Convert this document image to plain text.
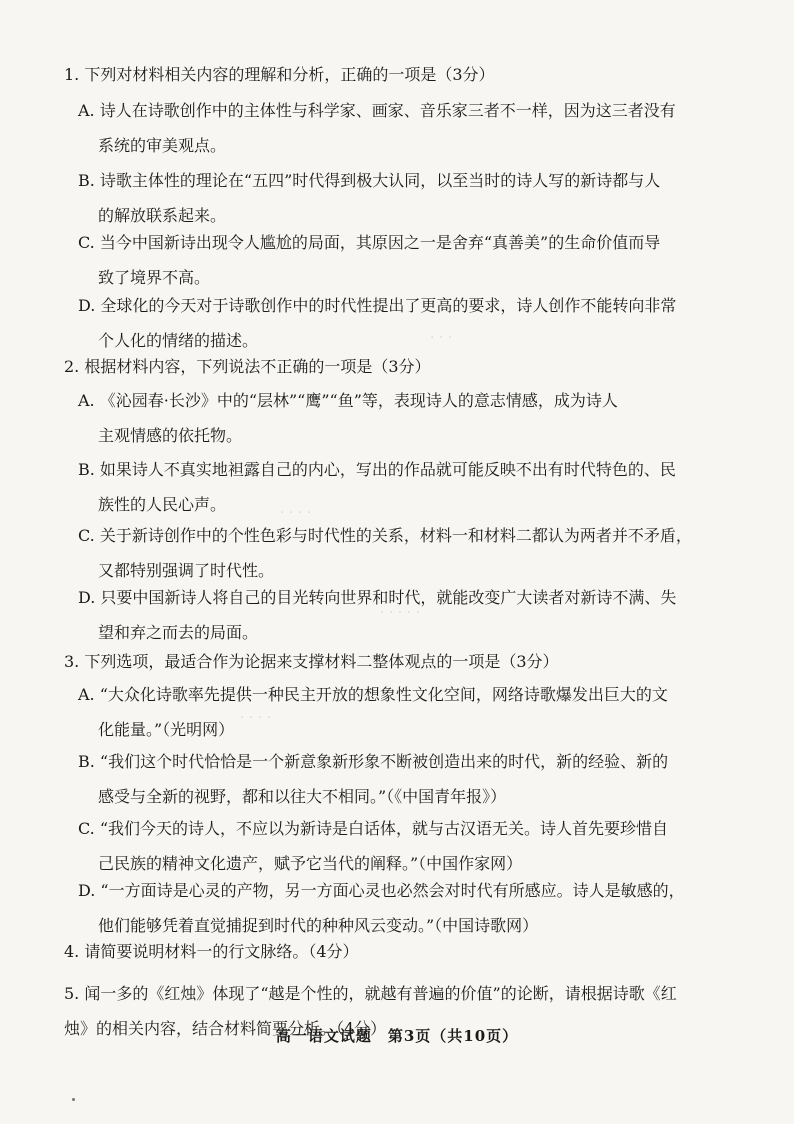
· · ·
· · · ·
· · · · ·
· · · ·
1. 下列对材料相关内容的理解和分析，正确的一项是（3分）
A. 诗人在诗歌创作中的主体性与科学家、画家、音乐家三者不一样，因为这三者没有
系统的审美观点。
B. 诗歌主体性的理论在“五四”时代得到极大认同，以至当时的诗人写的新诗都与人
的解放联系起来。
C. 当今中国新诗出现令人尴尬的局面，其原因之一是舍弃“真善美”的生命价值而导
致了境界不高。
D. 全球化的今天对于诗歌创作中的时代性提出了更高的要求，诗人创作不能转向非常
个人化的情绪的描述。
2. 根据材料内容，下列说法不正确的一项是（3分）
A. 《沁园春·长沙》中的“层林”“鹰”“鱼”等，表现诗人的意志情感，成为诗人
主观情感的依托物。
B. 如果诗人不真实地袒露自己的内心，写出的作品就可能反映不出有时代特色的、民
族性的人民心声。
C. 关于新诗创作中的个性色彩与时代性的关系，材料一和材料二都认为两者并不矛盾，
又都特别强调了时代性。
D. 只要中国新诗人将自己的目光转向世界和时代，就能改变广大读者对新诗不满、失
望和弃之而去的局面。
3. 下列选项，最适合作为论据来支撑材料二整体观点的一项是（3分）
A. “大众化诗歌率先提供一种民主开放的想象性文化空间，网络诗歌爆发出巨大的文
化能量。”（光明网）
B. “我们这个时代恰恰是一个新意象新形象不断被创造出来的时代，新的经验、新的
感受与全新的视野，都和以往大不相同。”（《中国青年报》）
C. “我们今天的诗人，不应以为新诗是白话体，就与古汉语无关。诗人首先要珍惜自
己民族的精神文化遗产，赋予它当代的阐释。”（中国作家网）
D. “一方面诗是心灵的产物，另一方面心灵也必然会对时代有所感应。诗人是敏感的，
他们能够凭着直觉捕捉到时代的种种风云变动。”（中国诗歌网）
4. 请简要说明材料一的行文脉络。（4分）
5. 闻一多的《红烛》体现了“越是个性的，就越有普遍的价值”的论断，请根据诗歌《红
烛》的相关内容，结合材料简要分析。（4分）
高一语文试题　第3页（共10页）
